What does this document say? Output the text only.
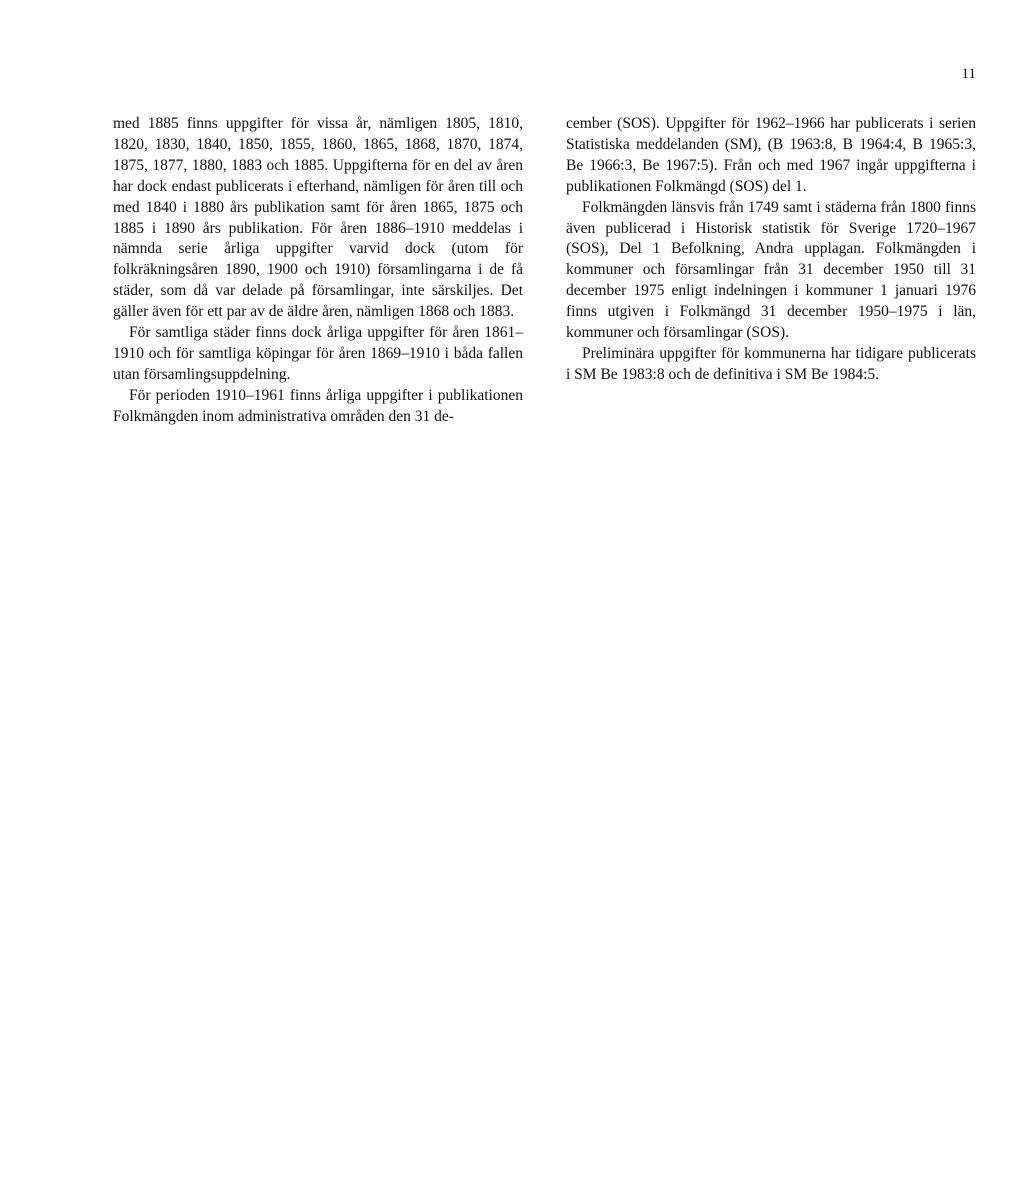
11

med 1885 finns uppgifter för vissa år, nämligen 1805, 1810, 1820, 1830, 1840, 1850, 1855, 1860, 1865, 1868, 1870, 1874, 1875, 1877, 1880, 1883 och 1885. Uppgifterna för en del av åren har dock endast publicerats i efterhand, nämligen för åren till och med 1840 i 1880 års publikation samt för åren 1865, 1875 och 1885 i 1890 års publikation. För åren 1886–1910 meddelas i nämnda serie årliga uppgifter varvid dock (utom för folkräkningsåren 1890, 1900 och 1910) församlingarna i de få städer, som då var delade på församlingar, inte särskiljes. Det gäller även för ett par av de äldre åren, nämligen 1868 och 1883.

För samtliga städer finns dock årliga uppgifter för åren 1861–1910 och för samtliga köpingar för åren 1869–1910 i båda fallen utan församlingsuppdelning.

För perioden 1910–1961 finns årliga uppgifter i publikationen Folkmängden inom administrativa områden den 31 de-

cember (SOS). Uppgifter för 1962–1966 har publicerats i serien Statistiska meddelanden (SM), (B 1963:8, B 1964:4, B 1965:3, Be 1966:3, Be 1967:5). Från och med 1967 ingår uppgifterna i publikationen Folkmängd (SOS) del 1.

Folkmängden länsvis från 1749 samt i städerna från 1800 finns även publicerad i Historisk statistik för Sverige 1720–1967 (SOS), Del 1 Befolkning, Andra upplagan. Folkmängden i kommuner och församlingar från 31 december 1950 till 31 december 1975 enligt indelningen i kommuner 1 januari 1976 finns utgiven i Folkmängd 31 december 1950–1975 i län, kommuner och församlingar (SOS).

Preliminära uppgifter för kommunerna har tidigare publicerats i SM Be 1983:8 och de definitiva i SM Be 1984:5.
